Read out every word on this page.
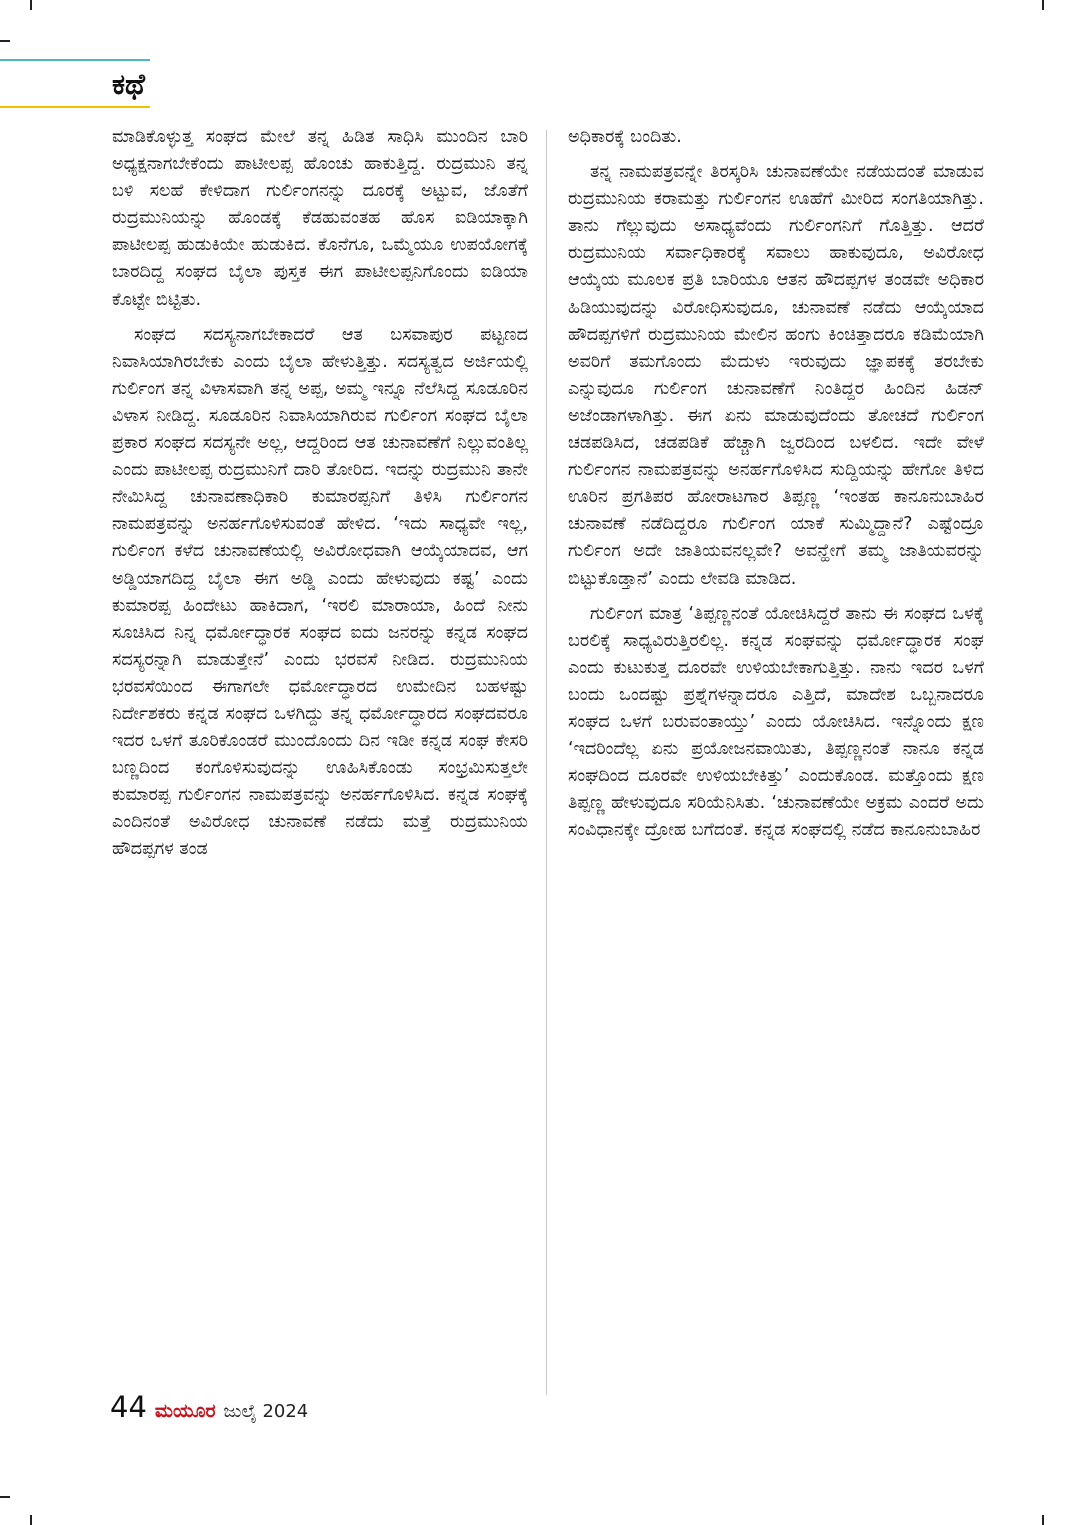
ಕಥೆ

ಮಾಡಿಕೊಳ್ಳುತ್ತ ಸಂಘದ ಮೇಲೆ ತನ್ನ ಹಿಡಿತ ಸಾಧಿಸಿ ಮುಂದಿನ ಬಾರಿ ಅಧ್ಯಕ್ಷನಾಗಬೇಕೆಂದು ಪಾಟೀಲಪ್ಪ ಹೊಂಚು ಹಾಕುತ್ತಿದ್ದ. ರುದ್ರಮುನಿ ತನ್ನ ಬಳಿ ಸಲಹೆ ಕೇಳಿದಾಗ ಗುರ್ಲಿಂಗನನ್ನು ದೂರಕ್ಕೆ ಅಟ್ಟುವ, ಜೊತೆಗೆ ರುದ್ರಮುನಿಯನ್ನು ಹೊಂಡಕ್ಕೆ ಕೆಡಹುವಂತಹ ಹೊಸ ಐಡಿಯಾಕ್ಕಾಗಿ ಪಾಟೀಲಪ್ಪ ಹುಡುಕಿಯೇ ಹುಡುಕಿದ. ಕೊನೆಗೂ, ಒಮ್ಮೆಯೂ ಉಪಯೋಗಕ್ಕೆ ಬಾರದಿದ್ದ ಸಂಘದ ಬೈಲಾ ಪುಸ್ತಕ ಈಗ ಪಾಟೀಲಪ್ಪನಿಗೊಂದು ಐಡಿಯಾ ಕೊಟ್ಟೇ ಬಿಟ್ಟಿತು.

ಸಂಘದ ಸದಸ್ಯನಾಗಬೇಕಾದರೆ ಆತ ಬಸವಾಪುರ ಪಟ್ಟಣದ ನಿವಾಸಿಯಾಗಿರಬೇಕು ಎಂದು ಬೈಲಾ ಹೇಳುತ್ತಿತ್ತು. ಸದಸ್ಯತ್ವದ ಅರ್ಜಿಯಲ್ಲಿ ಗುರ್ಲಿಂಗ ತನ್ನ ವಿಳಾಸವಾಗಿ ತನ್ನ ಅಪ್ಪ, ಅಮ್ಮ ಇನ್ನೂ ನೆಲೆಸಿದ್ದ ಸೂಡೂರಿನ ವಿಳಾಸ ನೀಡಿದ್ದ. ಸೂಡೂರಿನ ನಿವಾಸಿಯಾಗಿರುವ ಗುರ್ಲಿಂಗ ಸಂಘದ ಬೈಲಾ ಪ್ರಕಾರ ಸಂಘದ ಸದಸ್ಯನೇ ಅಲ್ಲ, ಆದ್ದರಿಂದ ಆತ ಚುನಾವಣೆಗೆ ನಿಲ್ಲುವಂತಿಲ್ಲ ಎಂದು ಪಾಟೀಲಪ್ಪ ರುದ್ರಮುನಿಗೆ ದಾರಿ ತೋರಿದ. ಇದನ್ನು ರುದ್ರಮುನಿ ತಾನೇ ನೇಮಿಸಿದ್ದ ಚುನಾವಣಾಧಿಕಾರಿ ಕುಮಾರಪ್ಪನಿಗೆ ತಿಳಿಸಿ ಗುರ್ಲಿಂಗನ ನಾಮಪತ್ರವನ್ನು ಅನರ್ಹಗೊಳಿಸುವಂತೆ ಹೇಳಿದ. ‘ಇದು ಸಾಧ್ಯವೇ ಇಲ್ಲ, ಗುರ್ಲಿಂಗ ಕಳೆದ ಚುನಾವಣೆಯಲ್ಲಿ ಅವಿರೋಧವಾಗಿ ಆಯ್ಕೆಯಾದವ, ಆಗ ಅಡ್ಡಿಯಾಗದಿದ್ದ ಬೈಲಾ ಈಗ ಅಡ್ಡಿ ಎಂದು ಹೇಳುವುದು ಕಷ್ಟ’ ಎಂದು ಕುಮಾರಪ್ಪ ಹಿಂದೇಟು ಹಾಕಿದಾಗ, ‘ಇರಲಿ ಮಾರಾಯಾ, ಹಿಂದೆ ನೀನು ಸೂಚಿಸಿದ ನಿನ್ನ ಧರ್ಮೋದ್ಧಾರಕ ಸಂಘದ ಐದು ಜನರನ್ನು ಕನ್ನಡ ಸಂಘದ ಸದಸ್ಯರನ್ನಾಗಿ ಮಾಡುತ್ತೇನೆ’ ಎಂದು ಭರವಸೆ ನೀಡಿದ. ರುದ್ರಮುನಿಯ ಭರವಸೆಯಿಂದ ಈಗಾಗಲೇ ಧರ್ಮೋದ್ಧಾರದ ಉಮೇದಿನ ಬಹಳಷ್ಟು ನಿರ್ದೇಶಕರು ಕನ್ನಡ ಸಂಘದ ಒಳಗಿದ್ದು ತನ್ನ ಧರ್ಮೋದ್ಧಾರದ ಸಂಘದವರೂ ಇದರ ಒಳಗೆ ತೂರಿಕೊಂಡರೆ ಮುಂದೊಂದು ದಿನ ಇಡೀ ಕನ್ನಡ ಸಂಘ ಕೇಸರಿ ಬಣ್ಣದಿಂದ ಕಂಗೊಳಿಸುವುದನ್ನು ಊಹಿಸಿಕೊಂಡು ಸಂಭ್ರಮಿಸುತ್ತಲೇ ಕುಮಾರಪ್ಪ ಗುರ್ಲಿಂಗನ ನಾಮಪತ್ರವನ್ನು ಅನರ್ಹಗೊಳಿಸಿದ. ಕನ್ನಡ ಸಂಘಕ್ಕೆ ಎಂದಿನಂತೆ ಅವಿರೋಧ ಚುನಾವಣೆ ನಡೆದು ಮತ್ತೆ ರುದ್ರಮುನಿಯ ಹೌದಪ್ಪಗಳ ತಂಡ

ಅಧಿಕಾರಕ್ಕೆ ಬಂದಿತು.

ತನ್ನ ನಾಮಪತ್ರವನ್ನೇ ತಿರಸ್ಕರಿಸಿ ಚುನಾವಣೆಯೇ ನಡೆಯದಂತೆ ಮಾಡುವ ರುದ್ರಮುನಿಯ ಕರಾಮತ್ತು ಗುರ್ಲಿಂಗನ ಊಹೆಗೆ ಮೀರಿದ ಸಂಗತಿಯಾಗಿತ್ತು. ತಾನು ಗೆಲ್ಲುವುದು ಅಸಾಧ್ಯವೆಂದು ಗುರ್ಲಿಂಗನಿಗೆ ಗೊತ್ತಿತ್ತು. ಆದರೆ ರುದ್ರಮುನಿಯ ಸರ್ವಾಧಿಕಾರಕ್ಕೆ ಸವಾಲು ಹಾಕುವುದೂ, ಅವಿರೋಧ ಆಯ್ಕೆಯ ಮೂಲಕ ಪ್ರತಿ ಬಾರಿಯೂ ಆತನ ಹೌದಪ್ಪಗಳ ತಂಡವೇ ಅಧಿಕಾರ ಹಿಡಿಯುವುದನ್ನು ವಿರೋಧಿಸುವುದೂ, ಚುನಾವಣೆ ನಡೆದು ಆಯ್ಕೆಯಾದ ಹೌದಪ್ಪಗಳಿಗೆ ರುದ್ರಮುನಿಯ ಮೇಲಿನ ಹಂಗು ಕಿಂಚಿತ್ತಾದರೂ ಕಡಿಮೆಯಾಗಿ ಅವರಿಗೆ ತಮಗೊಂದು ಮೆದುಳು ಇರುವುದು ಜ್ಞಾಪಕಕ್ಕೆ ತರಬೇಕು ಎನ್ನುವುದೂ ಗುರ್ಲಿಂಗ ಚುನಾವಣೆಗೆ ನಿಂತಿದ್ದರ ಹಿಂದಿನ ಹಿಡನ್ ಅಜೆಂಡಾಗಳಾಗಿತ್ತು. ಈಗ ಏನು ಮಾಡುವುದೆಂದು ತೋಚದೆ ಗುರ್ಲಿಂಗ ಚಡಪಡಿಸಿದ, ಚಡಪಡಿಕೆ ಹೆಚ್ಚಾಗಿ ಜ್ವರದಿಂದ ಬಳಲಿದ. ಇದೇ ವೇಳೆ ಗುರ್ಲಿಂಗನ ನಾಮಪತ್ರವನ್ನು ಅನರ್ಹಗೊಳಿಸಿದ ಸುದ್ದಿಯನ್ನು ಹೇಗೋ ತಿಳಿದ ಊರಿನ ಪ್ರಗತಿಪರ ಹೋರಾಟಗಾರ ತಿಪ್ಪಣ್ಣ ‘ಇಂತಹ ಕಾನೂನುಬಾಹಿರ ಚುನಾವಣೆ ನಡೆದಿದ್ದರೂ ಗುರ್ಲಿಂಗ ಯಾಕೆ ಸುಮ್ಮಿದ್ದಾನೆ? ಎಷ್ಟೆಂದ್ರೂ ಗುರ್ಲಿಂಗ ಅದೇ ಜಾತಿಯವನಲ್ಲವೇ? ಅವನ್ಹೇಗೆ ತಮ್ಮ ಜಾತಿಯವರನ್ನು ಬಿಟ್ಟುಕೊಡ್ತಾನೆ’ ಎಂದು ಲೇವಡಿ ಮಾಡಿದ.

ಗುರ್ಲಿಂಗ ಮಾತ್ರ ‘ತಿಪ್ಪಣ್ಣನಂತೆ ಯೋಚಿಸಿದ್ದರೆ ತಾನು ಈ ಸಂಘದ ಒಳಕ್ಕೆ ಬರಲಿಕ್ಕೆ ಸಾಧ್ಯವಿರುತ್ತಿರಲಿಲ್ಲ. ಕನ್ನಡ ಸಂಘವನ್ನು ಧರ್ಮೋದ್ಧಾರಕ ಸಂಘ ಎಂದು ಕುಟುಕುತ್ತ ದೂರವೇ ಉಳಿಯಬೇಕಾಗುತ್ತಿತ್ತು. ನಾನು ಇದರ ಒಳಗೆ ಬಂದು ಒಂದಷ್ಟು ಪ್ರಶ್ನೆಗಳನ್ನಾದರೂ ಎತ್ತಿದೆ, ಮಾದೇಶ ಒಬ್ಬನಾದರೂ ಸಂಘದ ಒಳಗೆ ಬರುವಂತಾಯ್ತು’ ಎಂದು ಯೋಚಿಸಿದ. ಇನ್ನೊಂದು ಕ್ಷಣ ‘ಇದರಿಂದೆಲ್ಲ ಏನು ಪ್ರಯೋಜನವಾಯಿತು, ತಿಪ್ಪಣ್ಣನಂತೆ ನಾನೂ ಕನ್ನಡ ಸಂಘದಿಂದ ದೂರವೇ ಉಳಿಯಬೇಕಿತ್ತು’ ಎಂದುಕೊಂಡ. ಮತ್ತೊಂದು ಕ್ಷಣ ತಿಪ್ಪಣ್ಣ ಹೇಳುವುದೂ ಸರಿಯೆನಿಸಿತು. ‘ಚುನಾವಣೆಯೇ ಅಕ್ರಮ ಎಂದರೆ ಅದು ಸಂವಿಧಾನಕ್ಕೇ ದ್ರೋಹ ಬಗೆದಂತೆ. ಕನ್ನಡ ಸಂಘದಲ್ಲಿ ನಡೆದ ಕಾನೂನುಬಾಹಿರ

44 ಮಯೂರ ಜುಲೈ 2024
